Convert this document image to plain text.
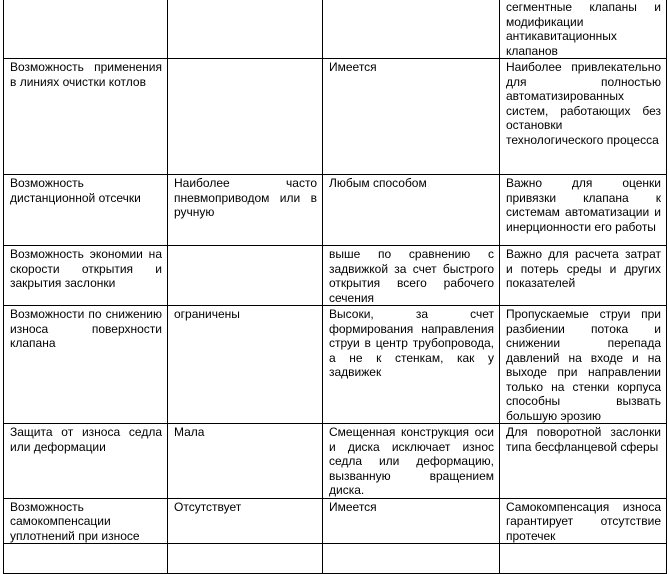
			сегментные клапаны и модификации антикавитационных клапанов
Возможность применения в линиях очистки котлов		Имеется	Наиболее привлекательно для полностью автоматизированных систем, работающих без остановки технологического процесса
Возможность дистанционной отсечки	Наиболее часто пневмоприводом или в ручную	Любым способом	Важно для оценки привязки клапана к системам автоматизации и инерционности его работы
Возможность экономии на скорости открытия и закрытия заслонки		выше по сравнению с задвижкой за счет быстрого открытия всего рабочего сечения	Важно для расчета затрат и потерь среды и других показателей
Возможности по снижению износа поверхности клапана	ограничены	Высоки, за счет формирования направления струи в центр трубопровода, а не к стенкам, как у задвижек	Пропускаемые струи при разбиении потока и снижении перепада давлений на входе и на выходе при направлении только на стенки корпуса способны вызвать большую эрозию
Защита от износа седла или деформации	Мала	Смещенная конструкция оси и диска исключает износ седла или деформацию, вызванную вращением диска.	Для поворотной заслонки типа бесфланцевой сферы
Возможность самокомпенсации уплотнений при износе	Отсутствует	Имеется	Самокомпенсация износа гарантирует отсутствие протечек
